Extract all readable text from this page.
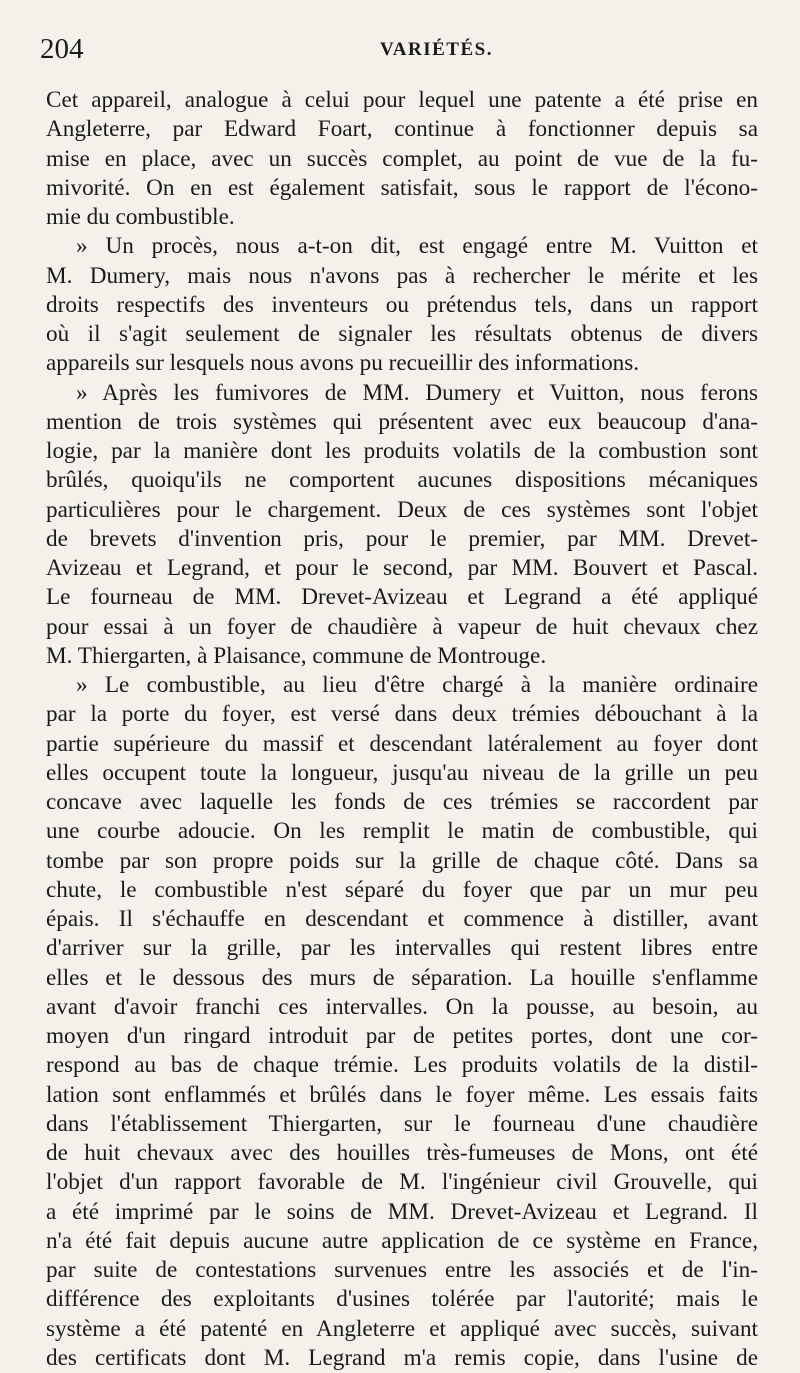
204	VARIÉTÉS.
Cet appareil, analogue à celui pour lequel une patente a été prise en
Angleterre, par Edward Foart, continue à fonctionner depuis sa
mise en place, avec un succès complet, au point de vue de la fu-
mivorité. On en est également satisfait, sous le rapport de l'écono-
mie du combustible.
» Un procès, nous a-t-on dit, est engagé entre M. Vuitton et
M. Dumery, mais nous n'avons pas à rechercher le mérite et les
droits respectifs des inventeurs ou prétendus tels, dans un rapport
où il s'agit seulement de signaler les résultats obtenus de divers
appareils sur lesquels nous avons pu recueillir des informations.
» Après les fumivores de MM. Dumery et Vuitton, nous ferons
mention de trois systèmes qui présentent avec eux beaucoup d'ana-
logie, par la manière dont les produits volatils de la combustion sont
brûlés, quoiqu'ils ne comportent aucunes dispositions mécaniques
particulières pour le chargement. Deux de ces systèmes sont l'objet
de brevets d'invention pris, pour le premier, par MM. Drevet-
Avizeau et Legrand, et pour le second, par MM. Bouvert et Pascal.
Le fourneau de MM. Drevet-Avizeau et Legrand a été appliqué
pour essai à un foyer de chaudière à vapeur de huit chevaux chez
M. Thiergarten, à Plaisance, commune de Montrouge.
» Le combustible, au lieu d'être chargé à la manière ordinaire
par la porte du foyer, est versé dans deux trémies débouchant à la
partie supérieure du massif et descendant latéralement au foyer dont
elles occupent toute la longueur, jusqu'au niveau de la grille un peu
concave avec laquelle les fonds de ces trémies se raccordent par
une courbe adoucie. On les remplit le matin de combustible, qui
tombe par son propre poids sur la grille de chaque côté. Dans sa
chute, le combustible n'est séparé du foyer que par un mur peu
épais. Il s'échauffe en descendant et commence à distiller, avant
d'arriver sur la grille, par les intervalles qui restent libres entre
elles et le dessous des murs de séparation. La houille s'enflamme
avant d'avoir franchi ces intervalles. On la pousse, au besoin, au
moyen d'un ringard introduit par de petites portes, dont une cor-
respond au bas de chaque trémie. Les produits volatils de la distil-
lation sont enflammés et brûlés dans le foyer même. Les essais faits
dans l'établissement Thiergarten, sur le fourneau d'une chaudière
de huit chevaux avec des houilles très-fumeuses de Mons, ont été
l'objet d'un rapport favorable de M. l'ingénieur civil Grouvelle, qui
a été imprimé par le soins de MM. Drevet-Avizeau et Legrand. Il
n'a été fait depuis aucune autre application de ce système en France,
par suite de contestations survenues entre les associés et de l'in-
différence des exploitants d'usines tolérée par l'autorité; mais le
système a été patenté en Angleterre et appliqué avec succès, suivant
des certificats dont M. Legrand m'a remis copie, dans l'usine de
